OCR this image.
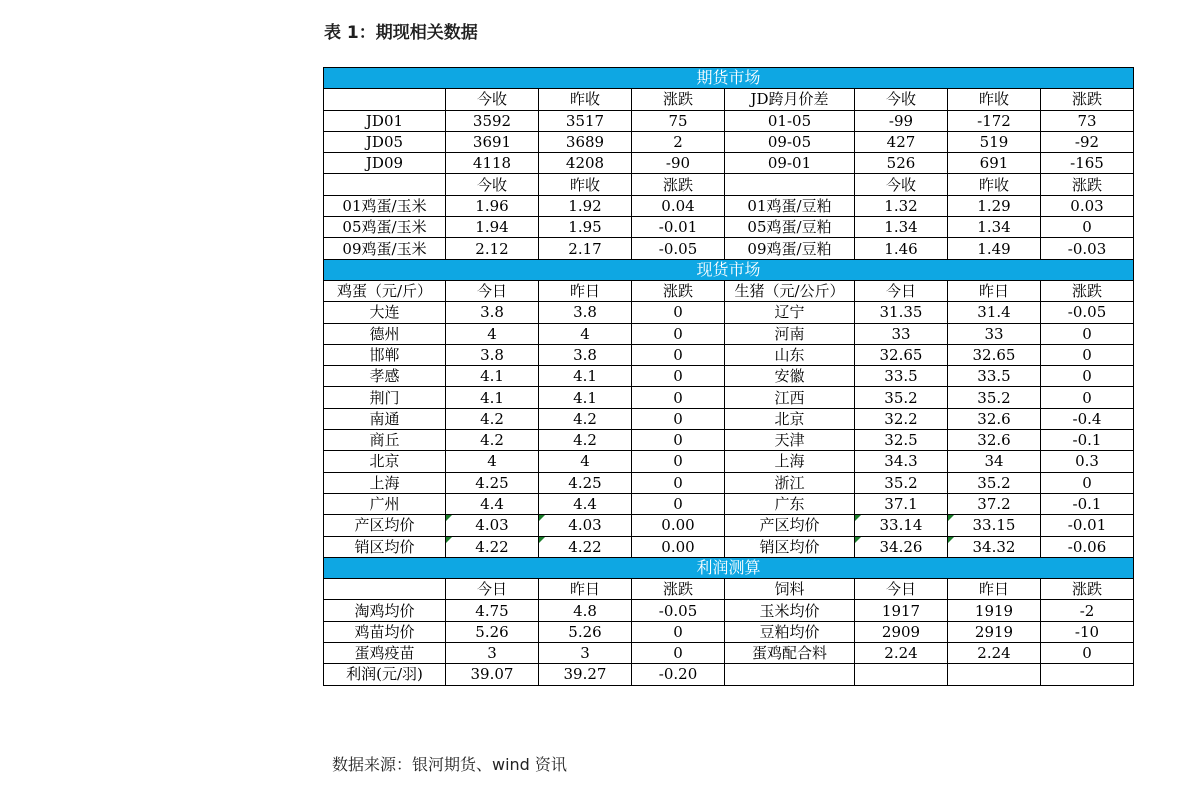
表 1：期现相关数据
期货市场							
	今收	昨收	涨跌	JD跨月价差	今收	昨收	涨跌
JD01	3592	3517	75	01-05	-99	-172	73
JD05	3691	3689	2	09-05	427	519	-92
JD09	4118	4208	-90	09-01	526	691	-165
	今收	昨收	涨跌		今收	昨收	涨跌
01鸡蛋/玉米	1.96	1.92	0.04	01鸡蛋/豆粕	1.32	1.29	0.03
05鸡蛋/玉米	1.94	1.95	-0.01	05鸡蛋/豆粕	1.34	1.34	0
09鸡蛋/玉米	2.12	2.17	-0.05	09鸡蛋/豆粕	1.46	1.49	-0.03
现货市场							
鸡蛋（元/斤）	今日	昨日	涨跌	生猪（元/公斤）	今日	昨日	涨跌
大连	3.8	3.8	0	辽宁	31.35	31.4	-0.05
德州	4	4	0	河南	33	33	0
邯郸	3.8	3.8	0	山东	32.65	32.65	0
孝感	4.1	4.1	0	安徽	33.5	33.5	0
荆门	4.1	4.1	0	江西	35.2	35.2	0
南通	4.2	4.2	0	北京	32.2	32.6	-0.4
商丘	4.2	4.2	0	天津	32.5	32.6	-0.1
北京	4	4	0	上海	34.3	34	0.3
上海	4.25	4.25	0	浙江	35.2	35.2	0
广州	4.4	4.4	0	广东	37.1	37.2	-0.1
产区均价	4.03	4.03	0.00	产区均价	33.14	33.15	-0.01
销区均价	4.22	4.22	0.00	销区均价	34.26	34.32	-0.06
利润测算							
	今日	昨日	涨跌	饲料	今日	昨日	涨跌
淘鸡均价	4.75	4.8	-0.05	玉米均价	1917	1919	-2
鸡苗均价	5.26	5.26	0	豆粕均价	2909	2919	-10
蛋鸡疫苗	3	3	0	蛋鸡配合料	2.24	2.24	0
利润(元/羽)	39.07	39.27	-0.20				
数据来源：银河期货、wind 资讯
